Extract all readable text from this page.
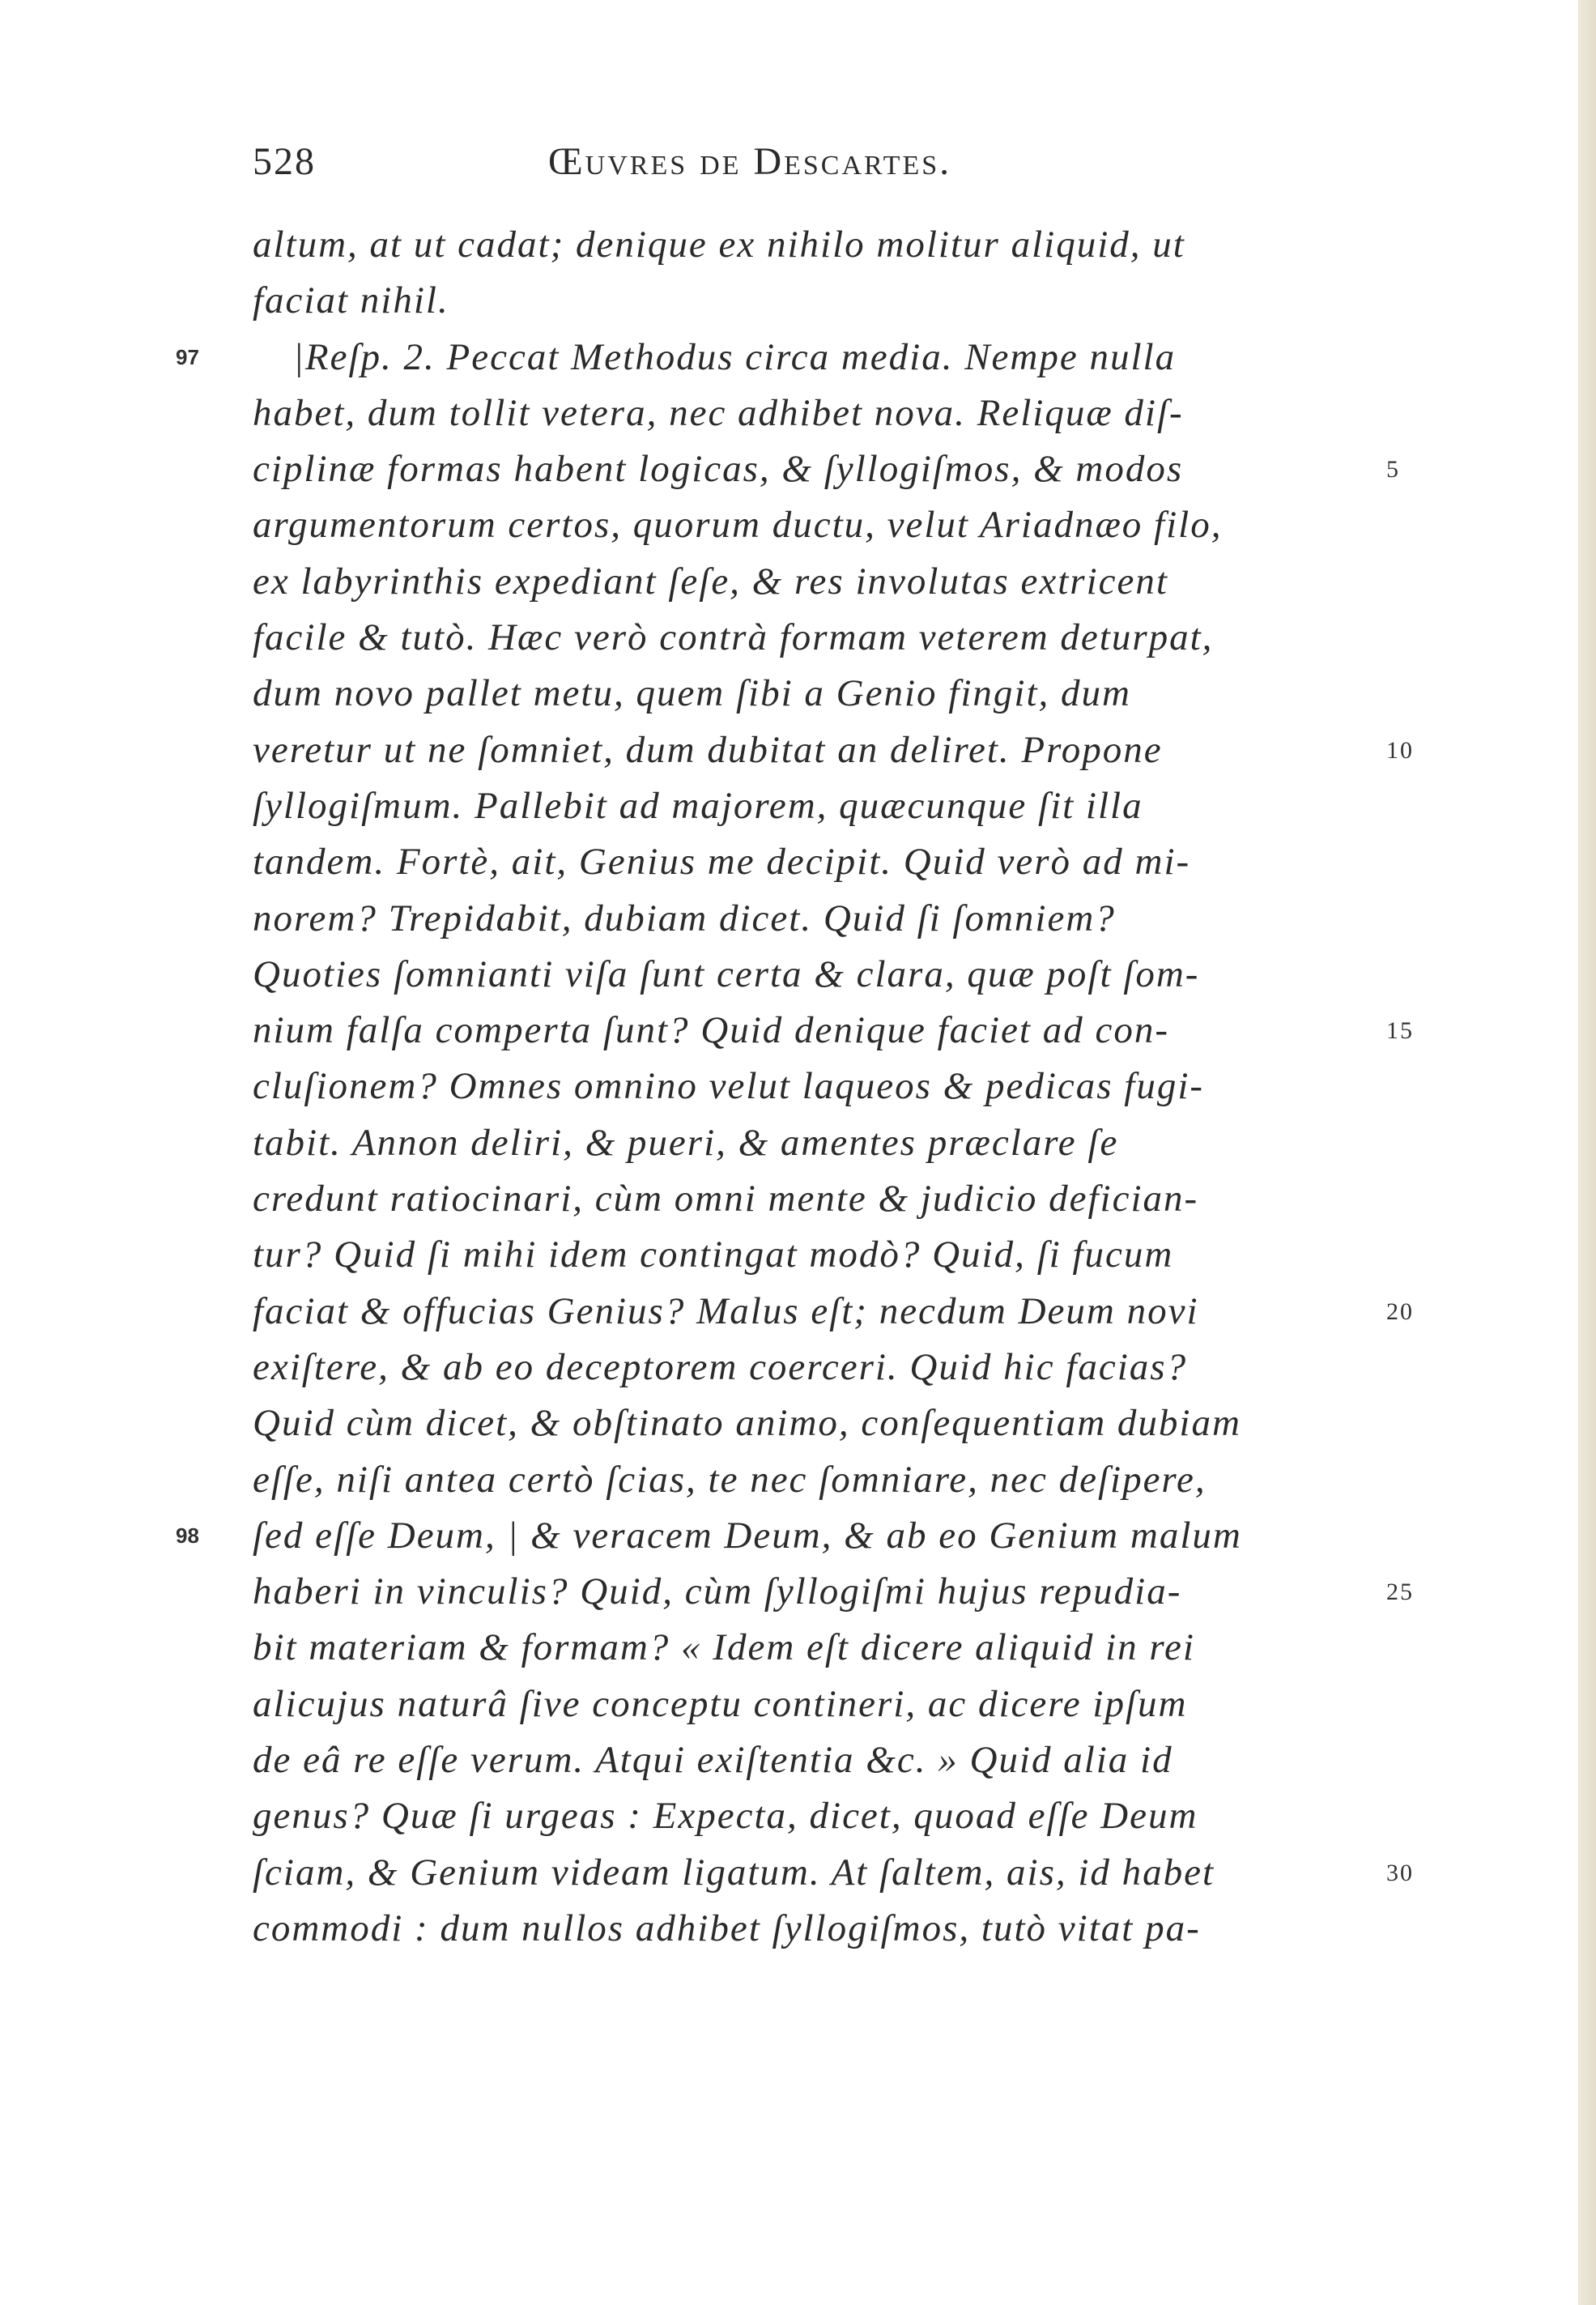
528	Œuvres de Descartes.
altum, at ut cadat; denique ex nihilo molitur aliquid, ut
faciat nihil.
97 |Reſp. 2. Peccat Methodus circa media. Nempe nulla
habet, dum tollit vetera, nec adhibet nova. Reliquæ diſ-
ciplinæ formas habent logicas, & ſyllogiſmos, & modos	5
argumentorum certos, quorum ductu, velut Ariadnæo filo,
ex labyrinthis expediant ſeſe, & res involutas extricent
facile & tutò. Hæc verò contrà formam veterem deturpat,
dum novo pallet metu, quem ſibi a Genio fingit, dum
veretur ut ne ſomniet, dum dubitat an deliret. Propone	10
ſyllogiſmum. Pallebit ad majorem, quæcunque ſit illa
tandem. Fortè, ait, Genius me decipit. Quid verò ad mi-
norem? Trepidabit, dubiam dicet. Quid ſi ſomniem?
Quoties ſomnianti viſa ſunt certa & clara, quæ poſt ſom-
nium falſa comperta ſunt? Quid denique faciet ad con-	15
cluſionem? Omnes omnino velut laqueos & pedicas fugi-
tabit. Annon deliri, & pueri, & amentes præclare ſe
credunt ratiocinari, cùm omni mente & judicio defician-
tur? Quid ſi mihi idem contingat modò? Quid, ſi fucum
faciat & offucias Genius? Malus eſt; necdum Deum novi	20
exiſtere, & ab eo deceptorem coerceri. Quid hic facias?
Quid cùm dicet, & obſtinato animo, conſequentiam dubiam
eſſe, niſi antea certò ſcias, te nec ſomniare, nec deſipere,
98 ſed eſſe Deum, | & veracem Deum, & ab eo Genium malum
haberi in vinculis? Quid, cùm ſyllogiſmi hujus repudia-	25
bit materiam & formam? « Idem eſt dicere aliquid in rei
alicujus naturâ ſive conceptu contineri, ac dicere ipſum
de eâ re eſſe verum. Atqui exiſtentia &c. » Quid alia id
genus? Quæ ſi urgeas : Expecta, dicet, quoad eſſe Deum
ſciam, & Genium videam ligatum. At ſaltem, ais, id habet	30
commodi : dum nullos adhibet ſyllogiſmos, tutò vitat pa-
